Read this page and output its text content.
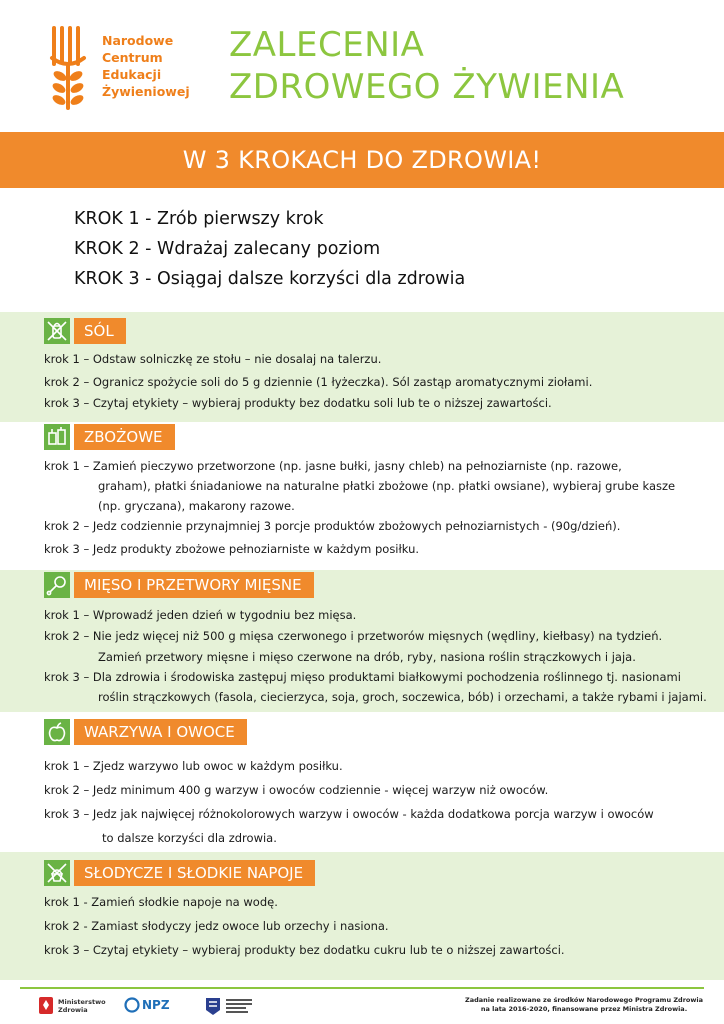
Narodowe
Centrum
Edukacji
Żywieniowej
ZALECENIA
ZDROWEGO ŻYWIENIA
W 3 KROKACH DO ZDROWIA!
KROK 1 - Zrób pierwszy krok
KROK 2 - Wdrażaj zalecany poziom
KROK 3 - Osiągaj dalsze korzyści dla zdrowia
SÓL
krok 1 – Odstaw solniczkę ze stołu – nie dosalaj na talerzu.
krok 2 – Ogranicz spożycie soli do 5 g dziennie (1 łyżeczka). Sól zastąp aromatycznymi ziołami.
krok 3 – Czytaj etykiety – wybieraj produkty bez dodatku soli lub te o niższej zawartości.
ZBOŻOWE
krok 1 – Zamień pieczywo przetworzone (np. jasne bułki, jasny chleb) na pełnoziarniste (np. razowe,
graham), płatki śniadaniowe na naturalne płatki zbożowe (np. płatki owsiane), wybieraj grube kasze
(np. gryczana), makarony razowe.
krok 2 – Jedz codziennie przynajmniej 3 porcje produktów zbożowych pełnoziarnistych - (90g/dzień).
krok 3 – Jedz produkty zbożowe pełnoziarniste w każdym posiłku.
MIĘSO I PRZETWORY MIĘSNE
krok 1 – Wprowadź jeden dzień w tygodniu bez mięsa.
krok 2 – Nie jedz więcej niż 500 g mięsa czerwonego i przetworów mięsnych (wędliny, kiełbasy) na tydzień.
Zamień przetwory mięsne i mięso czerwone na drób, ryby, nasiona roślin strączkowych i jaja.
krok 3 – Dla zdrowia i środowiska zastępuj mięso produktami białkowymi pochodzenia roślinnego tj. nasionami
roślin strączkowych (fasola, ciecierzyca, soja, groch, soczewica, bób) i orzechami, a także rybami i jajami.
WARZYWA I OWOCE
krok 1 – Zjedz warzywo lub owoc w każdym posiłku.
krok 2 – Jedz minimum 400 g warzyw i owoców codziennie - więcej warzyw niż owoców.
krok 3 – Jedz jak najwięcej różnokolorowych warzyw i owoców - każda dodatkowa porcja warzyw i owoców
to dalsze korzyści dla zdrowia.
SŁODYCZE I SŁODKIE NAPOJE
krok 1 - Zamień słodkie napoje na wodę.
krok 2 - Zamiast słodyczy jedz owoce lub orzechy i nasiona.
krok 3 – Czytaj etykiety – wybieraj produkty bez dodatku cukru lub te o niższej zawartości.
Ministerstwo
Zdrowia	NPZ	Zadanie realizowane ze środków Narodowego Programu Zdrowia na lata 2016-2020, finansowane przez Ministra Zdrowia.
